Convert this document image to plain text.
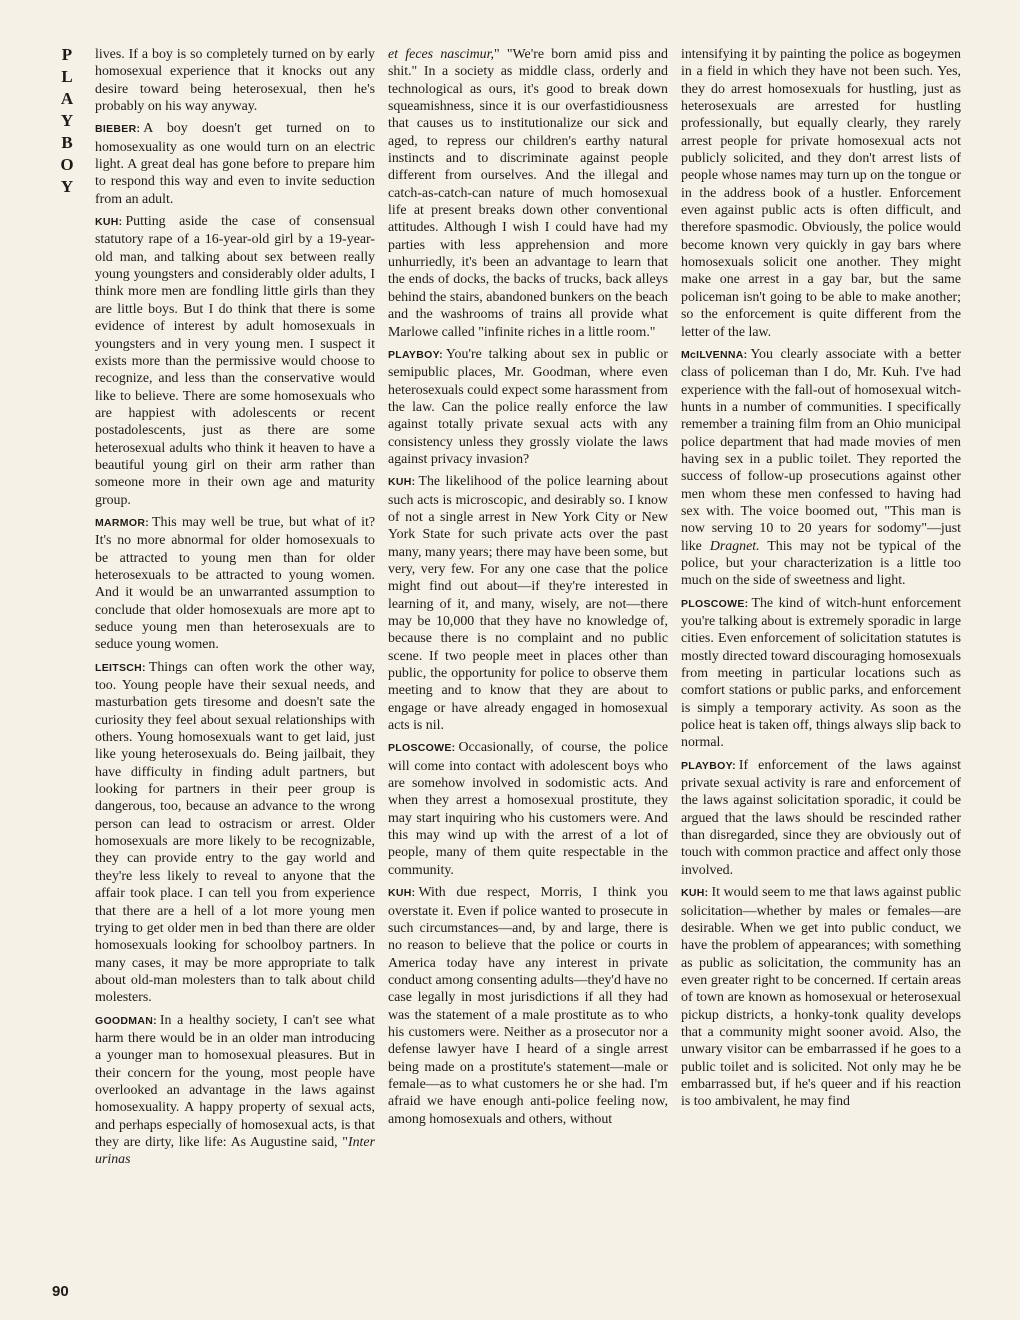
P
L
A
Y
B
O
Y
90

lives. If a boy is so completely turned on by early homosexual experience that it knocks out any desire toward being heterosexual, then he's probably on his way anyway.

BIEBER: A boy doesn't get turned on to homosexuality as one would turn on an electric light. A great deal has gone before to prepare him to respond this way and even to invite seduction from an adult.

KUH: Putting aside the case of consensual statutory rape of a 16-year-old girl by a 19-year-old man, and talking about sex between really young youngsters and considerably older adults, I think more men are fondling little girls than they are little boys. But I do think that there is some evidence of interest by adult homosexuals in youngsters and in very young men. I suspect it exists more than the permissive would choose to recognize, and less than the conservative would like to believe. There are some homosexuals who are happiest with adolescents or recent postadolescents, just as there are some heterosexual adults who think it heaven to have a beautiful young girl on their arm rather than someone more in their own age and maturity group.

MARMOR: This may well be true, but what of it? It's no more abnormal for older homosexuals to be attracted to young men than for older heterosexuals to be attracted to young women. And it would be an unwarranted assumption to conclude that older homosexuals are more apt to seduce young men than heterosexuals are to seduce young women.

LEITSCH: Things can often work the other way, too. Young people have their sexual needs, and masturbation gets tiresome and doesn't sate the curiosity they feel about sexual relationships with others. Young homosexuals want to get laid, just like young heterosexuals do. Being jailbait, they have difficulty in finding adult partners, but looking for partners in their peer group is dangerous, too, because an advance to the wrong person can lead to ostracism or arrest. Older homosexuals are more likely to be recognizable, they can provide entry to the gay world and they're less likely to reveal to anyone that the affair took place. I can tell you from experience that there are a hell of a lot more young men trying to get older men in bed than there are older homosexuals looking for schoolboy partners. In many cases, it may be more appropriate to talk about old-man molesters than to talk about child molesters.

GOODMAN: In a healthy society, I can't see what harm there would be in an older man introducing a younger man to homosexual pleasures. But in their concern for the young, most people have overlooked an advantage in the laws against homosexuality. A happy property of sexual acts, and perhaps especially of homosexual acts, is that they are dirty, like life: As Augustine said, "Inter urinas

et feces nascimur," "We're born amid piss and shit." In a society as middle class, orderly and technological as ours, it's good to break down squeamishness, since it is our overfastidiousness that causes us to institutionalize our sick and aged, to repress our children's earthy natural instincts and to discriminate against people different from ourselves. And the illegal and catch-as-catch-can nature of much homosexual life at present breaks down other conventional attitudes. Although I wish I could have had my parties with less apprehension and more unhurriedly, it's been an advantage to learn that the ends of docks, the backs of trucks, back alleys behind the stairs, abandoned bunkers on the beach and the washrooms of trains all provide what Marlowe called "infinite riches in a little room."

PLAYBOY: You're talking about sex in public or semipublic places, Mr. Goodman, where even heterosexuals could expect some harassment from the law. Can the police really enforce the law against totally private sexual acts with any consistency unless they grossly violate the laws against privacy invasion?

KUH: The likelihood of the police learning about such acts is microscopic, and desirably so. I know of not a single arrest in New York City or New York State for such private acts over the past many, many years; there may have been some, but very, very few. For any one case that the police might find out about—if they're interested in learning of it, and many, wisely, are not—there may be 10,000 that they have no knowledge of, because there is no complaint and no public scene. If two people meet in places other than public, the opportunity for police to observe them meeting and to know that they are about to engage or have already engaged in homosexual acts is nil.

PLOSCOWE: Occasionally, of course, the police will come into contact with adolescent boys who are somehow involved in sodomistic acts. And when they arrest a homosexual prostitute, they may start inquiring who his customers were. And this may wind up with the arrest of a lot of people, many of them quite respectable in the community.

KUH: With due respect, Morris, I think you overstate it. Even if police wanted to prosecute in such circumstances—and, by and large, there is no reason to believe that the police or courts in America today have any interest in private conduct among consenting adults—they'd have no case legally in most jurisdictions if all they had was the statement of a male prostitute as to who his customers were. Neither as a prosecutor nor a defense lawyer have I heard of a single arrest being made on a prostitute's statement—male or female—as to what customers he or she had. I'm afraid we have enough anti-police feeling now, among homosexuals and others, without

intensifying it by painting the police as bogeymen in a field in which they have not been such. Yes, they do arrest homosexuals for hustling, just as heterosexuals are arrested for hustling professionally, but equally clearly, they rarely arrest people for private homosexual acts not publicly solicited, and they don't arrest lists of people whose names may turn up on the tongue or in the address book of a hustler. Enforcement even against public acts is often difficult, and therefore spasmodic. Obviously, the police would become known very quickly in gay bars where homosexuals solicit one another. They might make one arrest in a gay bar, but the same policeman isn't going to be able to make another; so the enforcement is quite different from the letter of the law.

McILVENNA: You clearly associate with a better class of policeman than I do, Mr. Kuh. I've had experience with the fall-out of homosexual witch-hunts in a number of communities. I specifically remember a training film from an Ohio municipal police department that had made movies of men having sex in a public toilet. They reported the success of follow-up prosecutions against other men whom these men confessed to having had sex with. The voice boomed out, "This man is now serving 10 to 20 years for sodomy"—just like Dragnet. This may not be typical of the police, but your characterization is a little too much on the side of sweetness and light.

PLOSCOWE: The kind of witch-hunt enforcement you're talking about is extremely sporadic in large cities. Even enforcement of solicitation statutes is mostly directed toward discouraging homosexuals from meeting in particular locations such as comfort stations or public parks, and enforcement is simply a temporary activity. As soon as the police heat is taken off, things always slip back to normal.

PLAYBOY: If enforcement of the laws against private sexual activity is rare and enforcement of the laws against solicitation sporadic, it could be argued that the laws should be rescinded rather than disregarded, since they are obviously out of touch with common practice and affect only those involved.

KUH: It would seem to me that laws against public solicitation—whether by males or females—are desirable. When we get into public conduct, we have the problem of appearances; with something as public as solicitation, the community has an even greater right to be concerned. If certain areas of town are known as homosexual or heterosexual pickup districts, a honky-tonk quality develops that a community might sooner avoid. Also, the unwary visitor can be embarrassed if he goes to a public toilet and is solicited. Not only may he be embarrassed but, if he's queer and if his reaction is too ambivalent, he may find
